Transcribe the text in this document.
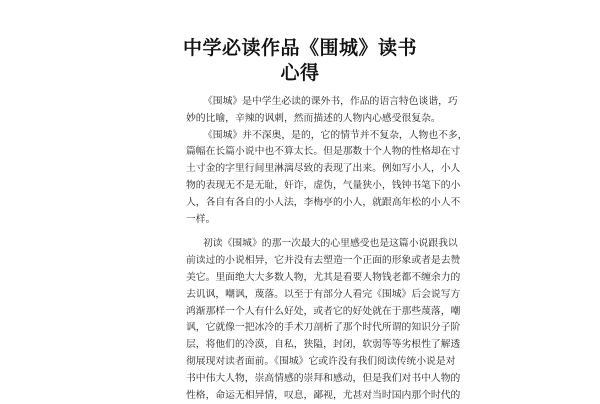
中学必读作品《围城》读书
心得
《围城》是中学生必读的课外书，作品的语言特色谈谐，巧
妙的比喻，辛辣的讽刺，然而描述的人物内心感受很复杂。
《围城》并不深奥，是的，它的情节并不复杂，人物也不多，
篇幅在长篇小说中也不算太长。但是那数十个人物的性格却在寸
土寸金的字里行间里淋漓尽致的表现了出来。例如写小人，小人
物的表现无不是无耻，奸诈，虚伪，气量狭小，钱钟书笔下的小
人，各自有各自的小人法，李梅亭的小人，就跟高年松的小人不
一样。
初读《围城》的那一次最大的心里感受也是这篇小说跟我以
前读过的小说相异，它并没有去塑造一个正面的形象或者是去赞
美它。里面绝大大多数人物，尤其是看要人物钱老都不缠余力的
去讥讽，嘲讽，蔑落。以至于有部分人看完《围城》后会说写方
鸿渐那样一个人有什么好处，或者它的好处就在于那些蔑落，嘲
讽，它就像一把冰冷的手术刀剖析了那个时代所谓的知识分子阶
层，将他们的冷漠，自私，狭隘，封闭，软弱等等劣根性了解透
彻展现对读者面前。《围城》它或许没有我们阅读传统小说是对
书中伟大人物，崇高情感的崇拜和感动，但是我们对书中人物的
性格，命运无相异情，叹息，鄙视，尤甚对当时国内那个时代的
